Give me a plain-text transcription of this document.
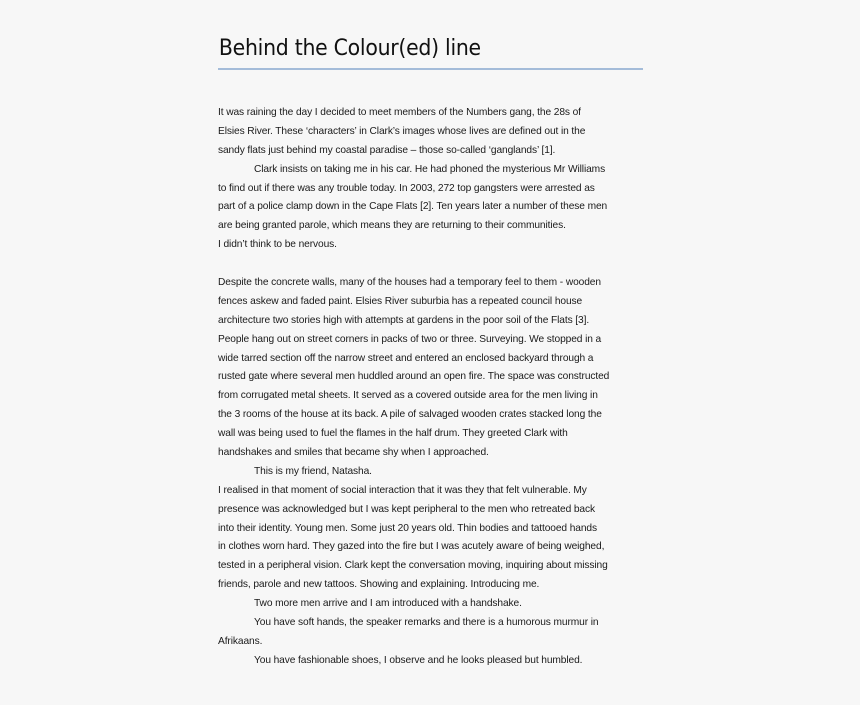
Behind the Colour(ed) line
It was raining the day I decided to meet members of the Numbers gang, the 28s of
Elsies River. These ‘characters’ in Clark’s images whose lives are defined out in the
sandy flats just behind my coastal paradise – those so-called ‘ganglands’ [1].
Clark insists on taking me in his car. He had phoned the mysterious Mr Williams
to find out if there was any trouble today. In 2003, 272 top gangsters were arrested as
part of a police clamp down in the Cape Flats [2]. Ten years later a number of these men
are being granted parole, which means they are returning to their communities.
I didn’t think to be nervous.
Despite the concrete walls, many of the houses had a temporary feel to them - wooden
fences askew and faded paint. Elsies River suburbia has a repeated council house
architecture two stories high with attempts at gardens in the poor soil of the Flats [3].
People hang out on street corners in packs of two or three. Surveying. We stopped in a
wide tarred section off the narrow street and entered an enclosed backyard through a
rusted gate where several men huddled around an open fire. The space was constructed
from corrugated metal sheets. It served as a covered outside area for the men living in
the 3 rooms of the house at its back. A pile of salvaged wooden crates stacked long the
wall was being used to fuel the flames in the half drum. They greeted Clark with
handshakes and smiles that became shy when I approached.
This is my friend, Natasha.
I realised in that moment of social interaction that it was they that felt vulnerable. My
presence was acknowledged but I was kept peripheral to the men who retreated back
into their identity. Young men. Some just 20 years old. Thin bodies and tattooed hands
in clothes worn hard. They gazed into the fire but I was acutely aware of being weighed,
tested in a peripheral vision. Clark kept the conversation moving, inquiring about missing
friends, parole and new tattoos. Showing and explaining. Introducing me.
Two more men arrive and I am introduced with a handshake.
You have soft hands, the speaker remarks and there is a humorous murmur in
Afrikaans.
You have fashionable shoes, I observe and he looks pleased but humbled.
